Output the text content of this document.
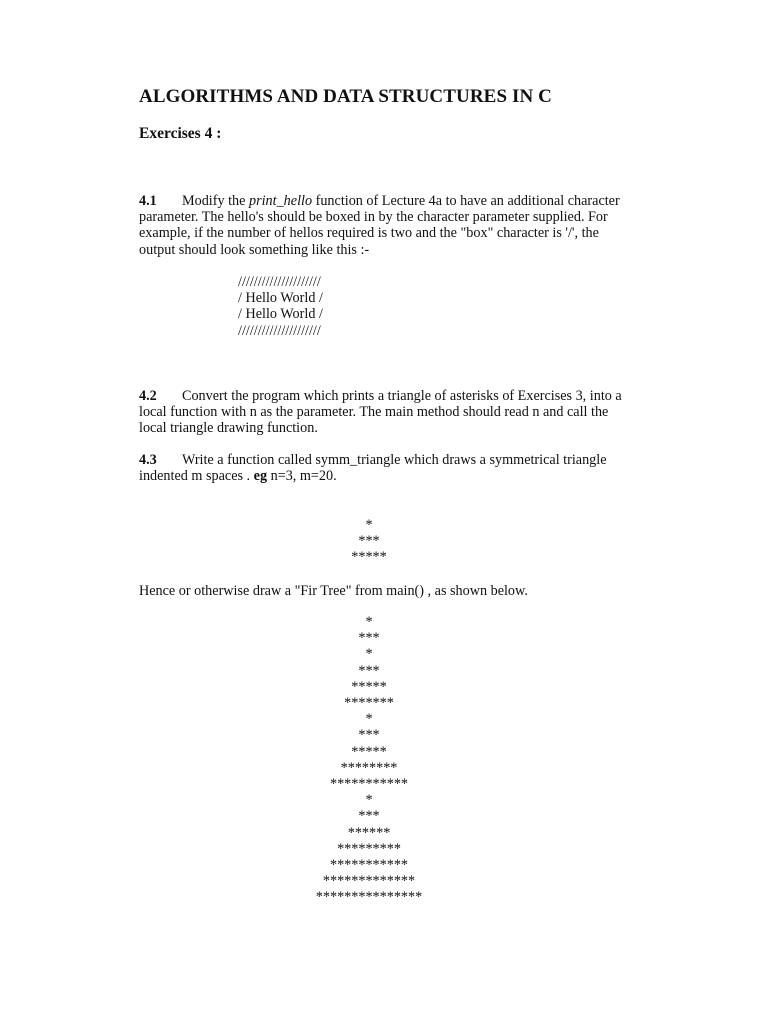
ALGORITHMS AND DATA STRUCTURES IN C
Exercises 4 :
4.1 Modify the print_hello function of Lecture 4a to have an additional character
parameter. The hello's should be boxed in by the character parameter supplied. For
example, if the number of hellos required is two and the "box" character is '/', the
output should look something like this :-
/////////////////////
/ Hello World /
/ Hello World /
/////////////////////
4.2 Convert the program which prints a triangle of asterisks of Exercises 3, into a
local function with n as the parameter. The main method should read n and call the
local triangle drawing function.
4.3 Write a function called symm_triangle which draws a symmetrical triangle
indented m spaces . eg n=3, m=20.
*
***
*****
Hence or otherwise draw a "Fir Tree" from main() , as shown below.
*
***
*
***
*****
*******
*
***
*****
********
***********
*
***
******
*********
***********
*************
***************
